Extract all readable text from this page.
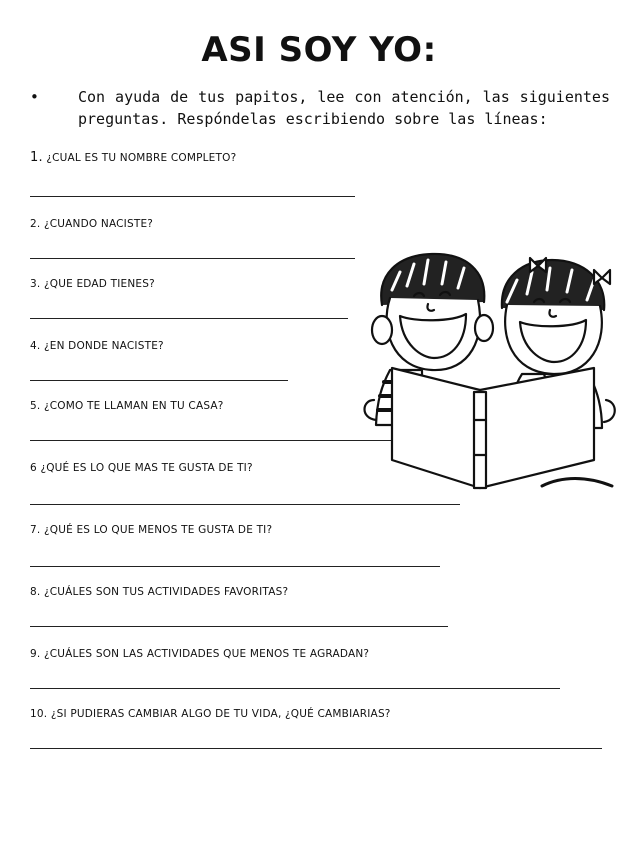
ASI SOY YO:
•	Con ayuda de tus papitos, lee con atención, las siguientes preguntas. Respóndelas escribiendo sobre las líneas:
1. ¿CUAL ES TU NOMBRE COMPLETO?
2. ¿CUANDO NACISTE?
3. ¿QUE EDAD TIENES?
4. ¿EN DONDE NACISTE?
5. ¿COMO TE LLAMAN EN TU CASA?
6 ¿QUÉ ES LO QUE MAS TE GUSTA DE TI?
7. ¿QUÉ ES LO QUE MENOS TE GUSTA DE TI?
8. ¿CUÁLES SON TUS ACTIVIDADES FAVORITAS?
9. ¿CUÁLES SON LAS ACTIVIDADES QUE MENOS TE AGRADAN?
10. ¿SI PUDIERAS CAMBIAR ALGO DE TU VIDA, ¿QUÉ CAMBIARIAS?
